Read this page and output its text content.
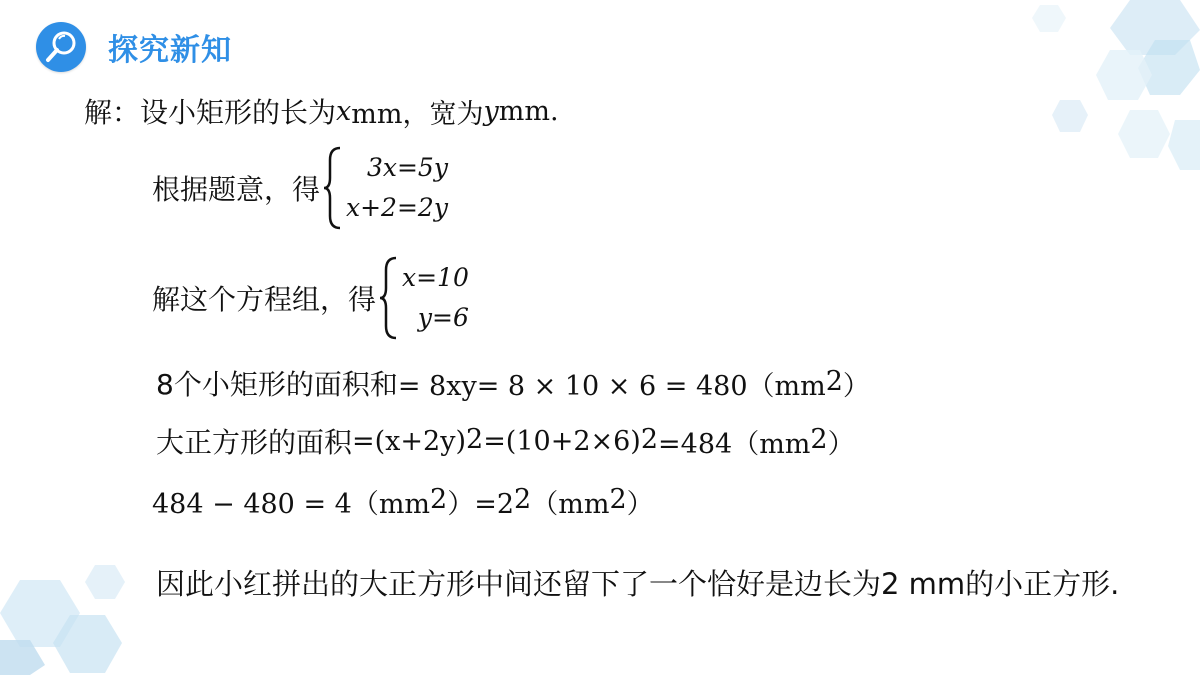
探究新知
解：设小矩形的长为 x mm，宽为 y mm.
根据题意，得
3x=5y
x+2=2y
解这个方程组，得
x=10
y=6
8个小矩形的面积和 = $8xy= 8 \times 10 \times 6 = 480(mm^2$ ）
大正方形的面积 $=(x+2y)^2 =(10+2\times 6)^2 =484(mm^2$ ）
$484 - 480 = 4(mm^2$ ）$=2^2$ （$mm^2$ ）
因此小红拼出的大正方形中间还留下了一个恰好是边长为2 mm的小正方形.
